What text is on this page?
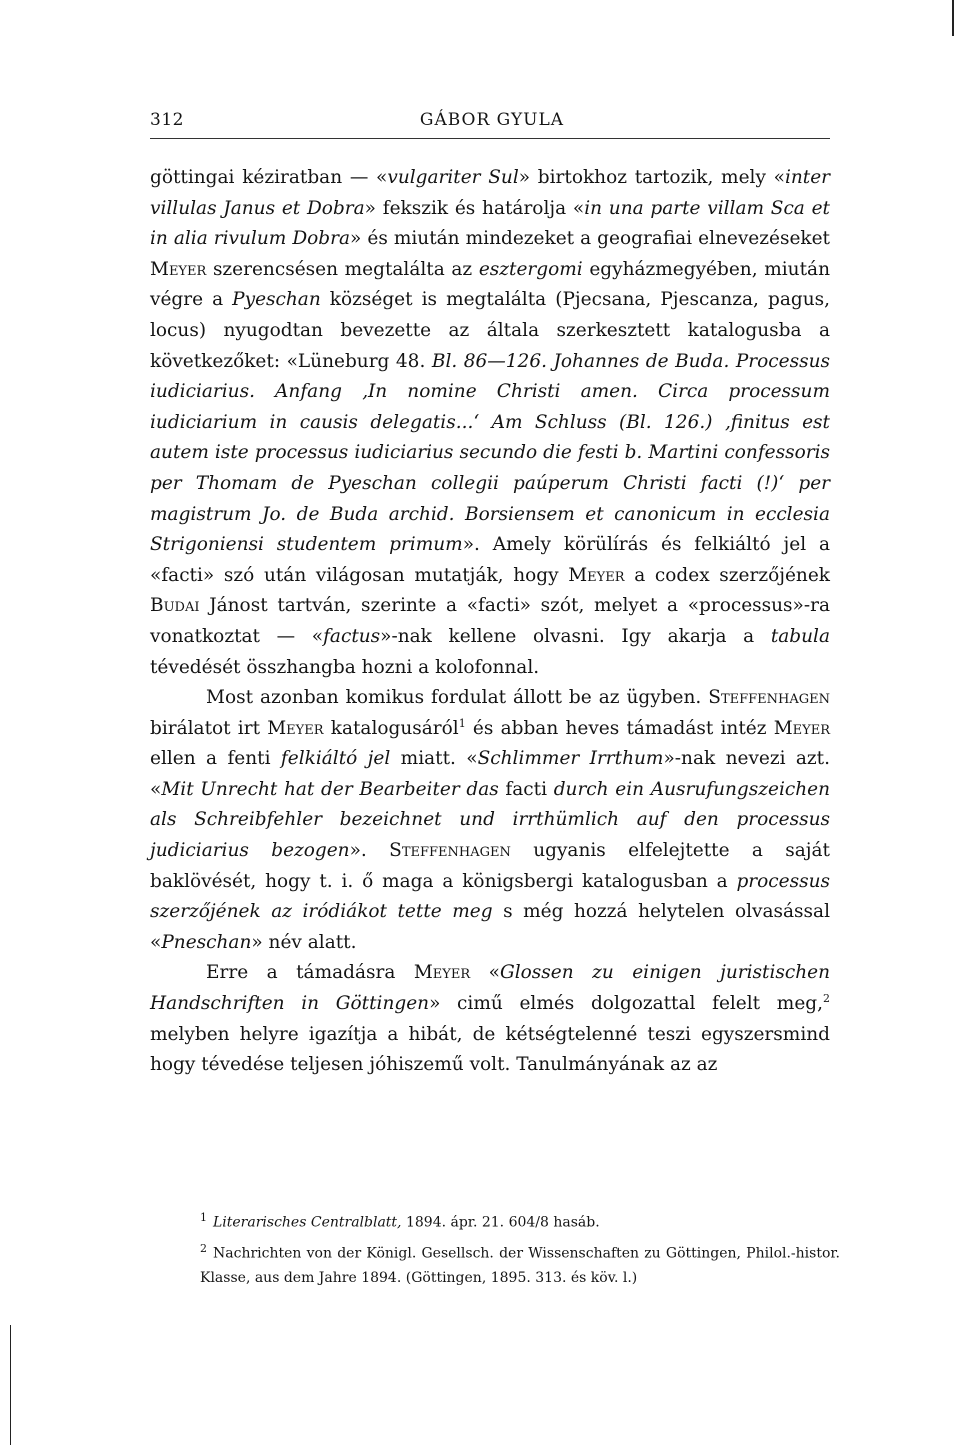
312	GÁBOR GYULA

göttingai kéziratban — «vulgariter Sul» birtokhoz tartozik, mely «inter villulas Janus et Dobra» fekszik és határolja «in una parte villam Sca et in alia rivulum Dobra» és miután mindezeket a geografiai elnevezéseket Meyer szerencsésen megtalálta az esztergomi egyházmegyében, miután végre a Pyeschan községet is megtalálta (Pjecsana, Pjescanza, pagus, locus) nyugodtan bevezette az általa szerkesztett katalogusba a következőket: «Lüneburg 48. Bl. 86—126. Johannes de Buda. Processus iudiciarius. Anfang ‚In nomine Christi amen. Circa processum iudiciarium in causis delegatis...‘ Am Schluss (Bl. 126.) ‚finitus est autem iste processus iudiciarius secundo die festi b. Martini confessoris per Thomam de Pyeschan collegii paúperum Christi facti (!)‘ per magistrum Jo. de Buda archid. Borsiensem et canonicum in ecclesia Strigoniensi studentem primum». Amely körülírás és felkiáltó jel a «facti» szó után világosan mutatják, hogy Meyer a codex szerzőjének Budai Jánost tartván, szerinte a «facti» szót, melyet a «processus»-ra vonatkoztat — «factus»-nak kellene olvasni. Igy akarja a tabula tévedését összhangba hozni a kolofonnal.

Most azonban komikus fordulat állott be az ügyben. Steffenhagen birálatot irt Meyer katalogusáról$^1$ és abban heves támadást intéz Meyer ellen a fenti felkiáltó jel miatt. «Schlimmer Irrthum»-nak nevezi azt. «Mit Unrecht hat der Bearbeiter das facti durch ein Ausrufungszeichen als Schreibfehler bezeichnet und irrthümlich auf den processus judiciarius bezogen». Steffenhagen ugyanis elfelejtette a saját baklövését, hogy t. i. ő maga a königsbergi katalogusban a processus szerzőjének az iródiákot tette meg s még hozzá helytelen olvasással «Pneschan» név alatt.

Erre a támadásra Meyer «Glossen zu einigen juristischen Handschriften in Göttingen» cimű elmés dolgozattal felelt meg,$^2$ melyben helyre igazítja a hibát, de kétségtelenné teszi egyszersmind hogy tévedése teljesen jóhiszemű volt. Tanulmányának az az

$^1$ Literarisches Centralblatt, 1894. ápr. 21. 604/8 hasáb.

$^2$ Nachrichten von der Königl. Gesellsch. der Wissenschaften zu Göttingen, Philol.-histor. Klasse, aus dem Jahre 1894. (Göttingen, 1895. 313. és köv. l.)
